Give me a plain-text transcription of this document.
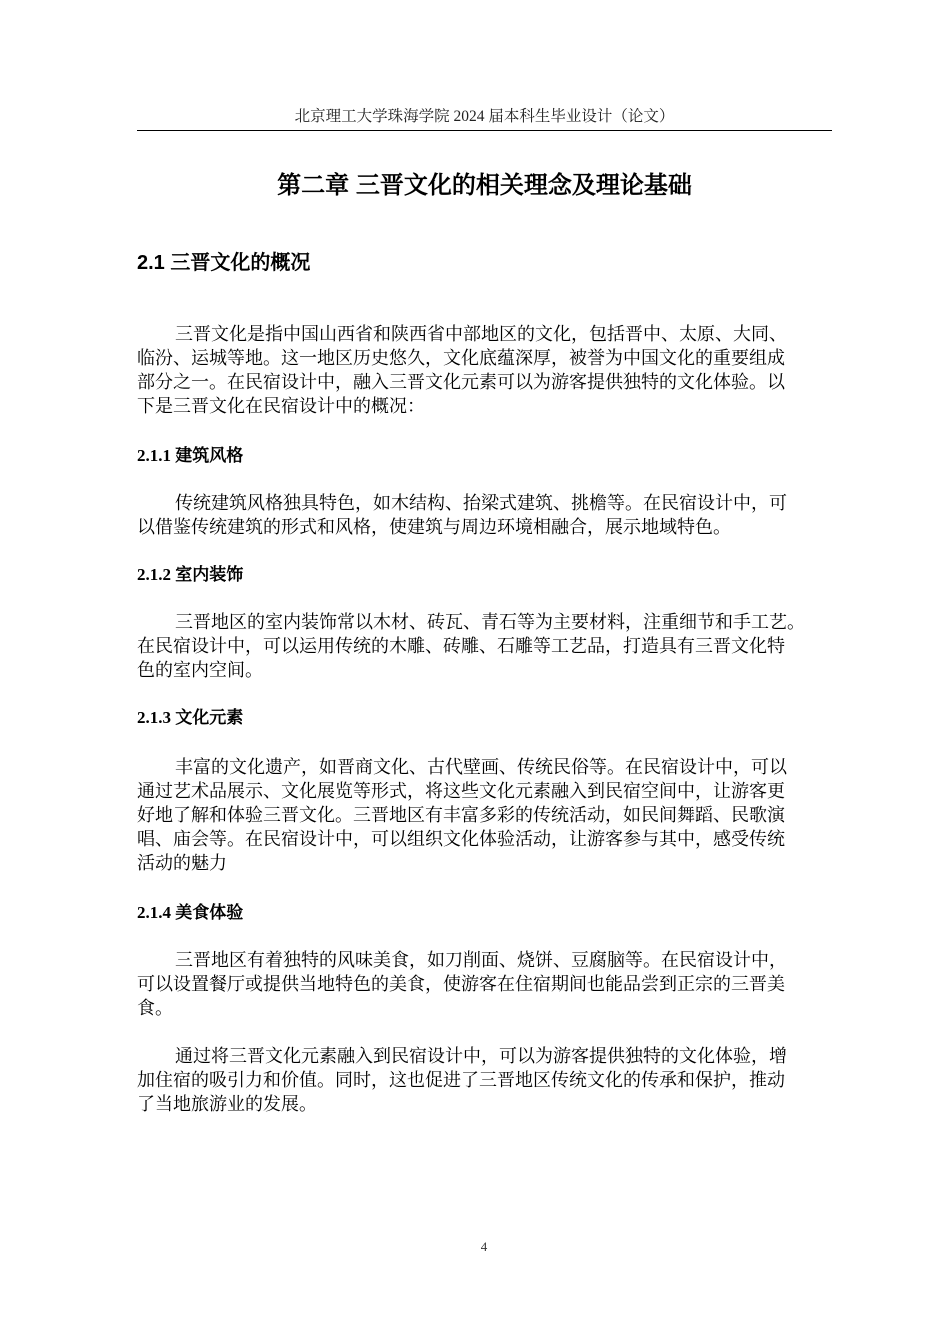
北京理工大学珠海学院 2024 届本科生毕业设计（论文）
第二章 三晋文化的相关理念及理论基础
2.1 三晋文化的概况
三晋文化是指中国山西省和陕西省中部地区的文化，包括晋中、太原、大同、
临汾、运城等地。这一地区历史悠久，文化底蕴深厚，被誉为中国文化的重要组成
部分之一。在民宿设计中，融入三晋文化元素可以为游客提供独特的文化体验。以
下是三晋文化在民宿设计中的概况：
2.1.1 建筑风格
传统建筑风格独具特色，如木结构、抬梁式建筑、挑檐等。在民宿设计中，可
以借鉴传统建筑的形式和风格，使建筑与周边环境相融合，展示地域特色。
2.1.2 室内装饰
三晋地区的室内装饰常以木材、砖瓦、青石等为主要材料，注重细节和手工艺。
在民宿设计中，可以运用传统的木雕、砖雕、石雕等工艺品，打造具有三晋文化特
色的室内空间。
2.1.3 文化元素
丰富的文化遗产，如晋商文化、古代壁画、传统民俗等。在民宿设计中，可以
通过艺术品展示、文化展览等形式，将这些文化元素融入到民宿空间中，让游客更
好地了解和体验三晋文化。三晋地区有丰富多彩的传统活动，如民间舞蹈、民歌演
唱、庙会等。在民宿设计中，可以组织文化体验活动，让游客参与其中，感受传统
活动的魅力
2.1.4 美食体验
三晋地区有着独特的风味美食，如刀削面、烧饼、豆腐脑等。在民宿设计中，
可以设置餐厅或提供当地特色的美食，使游客在住宿期间也能品尝到正宗的三晋美
食。
通过将三晋文化元素融入到民宿设计中，可以为游客提供独特的文化体验，增
加住宿的吸引力和价值。同时，这也促进了三晋地区传统文化的传承和保护，推动
了当地旅游业的发展。
4
